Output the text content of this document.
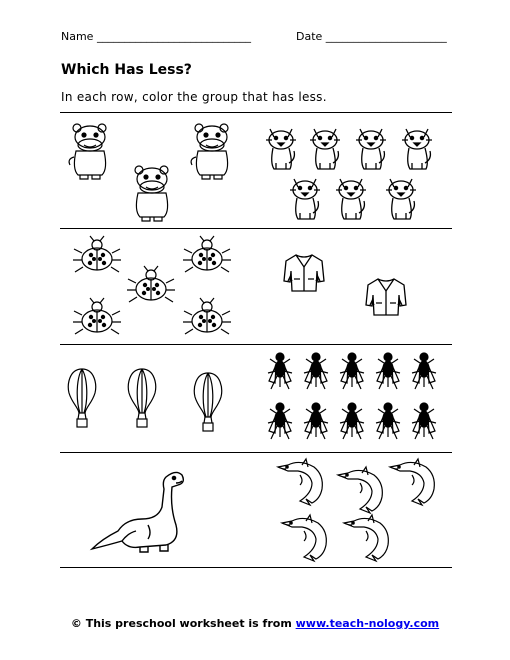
Name ____________________________	Date ______________________
Which Has Less?
In each row, color the group that has less.
© This preschool worksheet is from www.teach-nology.com
